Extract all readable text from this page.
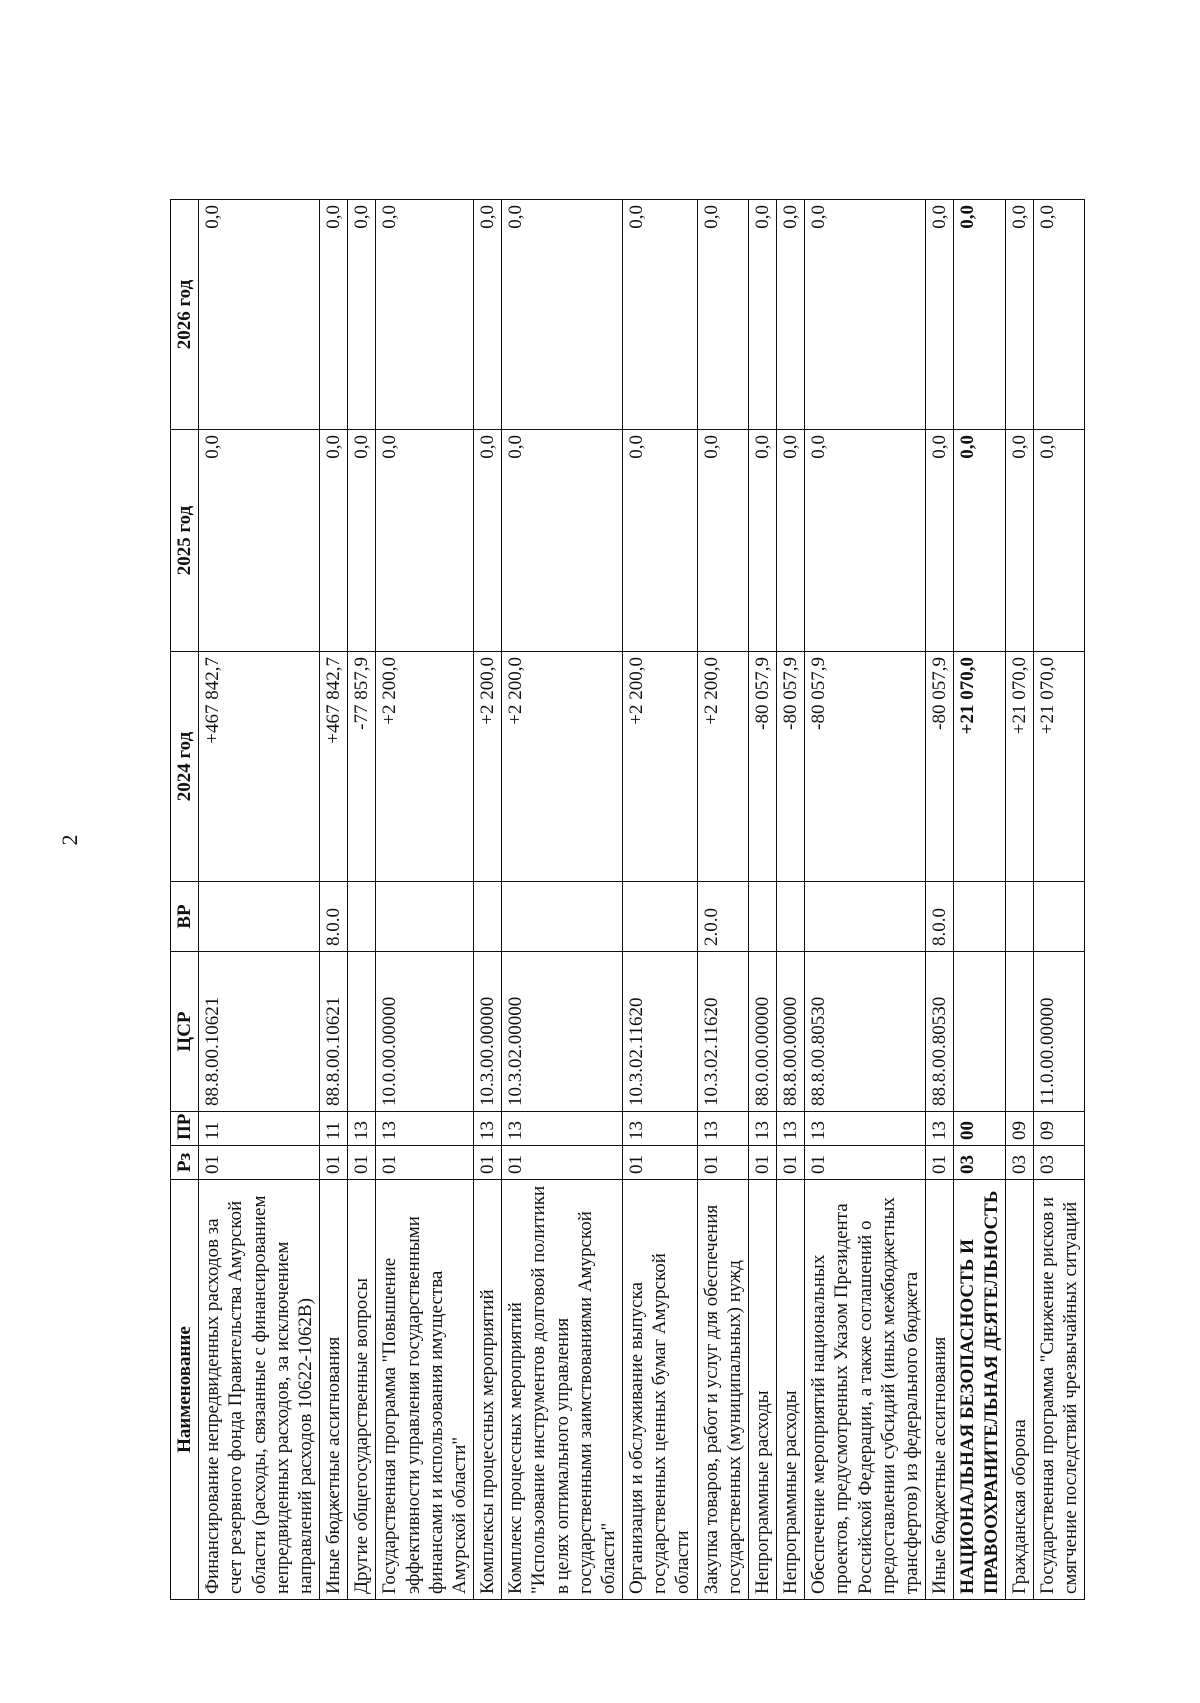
2
Наименование	Рз	ПР	ЦСР	ВР	2024 год	2025 год	2026 год
Финансирование непредвиденных расходов за счет резервного фонда Правительства Амурской области (расходы, связанные с финансированием непредвиденных расходов, за исключением направлений расходов 10622-1062В)	01	11	88.8.00.10621		+467 842,7	0,0	0,0
Иные бюджетные ассигнования	01	11	88.8.00.10621	8.0.0	+467 842,7	0,0	0,0
Другие общегосударственные вопросы	01	13			-77 857,9	0,0	0,0
Государственная программа "Повышение эффективности управления государственными финансами и использования имущества Амурской области"	01	13	10.0.00.00000		+2 200,0	0,0	0,0
Комплексы процессных мероприятий	01	13	10.3.00.00000		+2 200,0	0,0	0,0
Комплекс процессных мероприятий "Использование инструментов долговой политики в целях оптимального управления государственными заимствованиями Амурской области"	01	13	10.3.02.00000		+2 200,0	0,0	0,0
Организация и обслуживание выпуска государственных ценных бумаг Амурской области	01	13	10.3.02.11620		+2 200,0	0,0	0,0
Закупка товаров, работ и услуг для обеспечения государственных (муниципальных) нужд	01	13	10.3.02.11620	2.0.0	+2 200,0	0,0	0,0
Непрограммные расходы	01	13	88.0.00.00000		-80 057,9	0,0	0,0
Непрограммные расходы	01	13	88.8.00.00000		-80 057,9	0,0	0,0
Обеспечение мероприятий национальных проектов, предусмотренных Указом Президента Российской Федерации, а также соглашений о предоставлении субсидий (иных межбюджетных трансфертов) из федерального бюджета	01	13	88.8.00.80530		-80 057,9	0,0	0,0
Иные бюджетные ассигнования	01	13	88.8.00.80530	8.0.0	-80 057,9	0,0	0,0
НАЦИОНАЛЬНАЯ БЕЗОПАСНОСТЬ И ПРАВООХРАНИТЕЛЬНАЯ ДЕЯТЕЛЬНОСТЬ	03	00			+21 070,0	0,0	0,0
Гражданская оборона	03	09			+21 070,0	0,0	0,0
Государственная программа "Снижение рисков и смягчение последствий чрезвычайных ситуаций	03	09	11.0.00.00000		+21 070,0	0,0	0,0
